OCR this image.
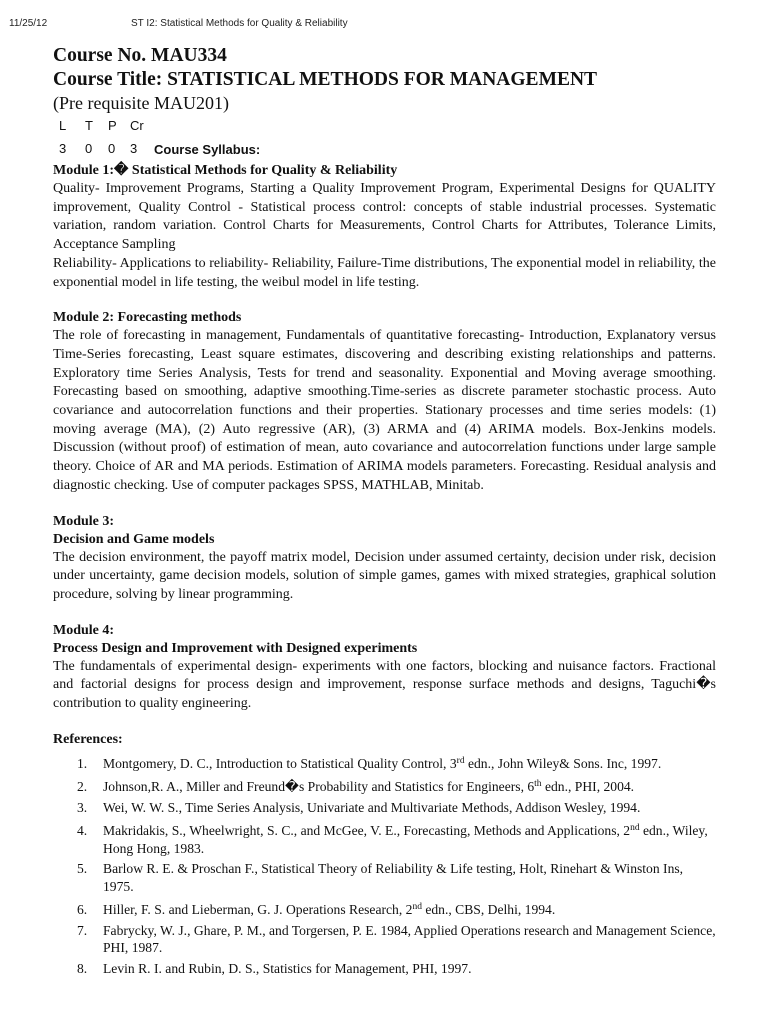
11/25/12	ST I2: Statistical Methods for Quality & Reliability
Course No. MAU334
Course Title: STATISTICAL METHODS FOR MANAGEMENT
(Pre requisite MAU201)
L T P Cr
3 0 0 3 Course Syllabus:
Module 1:� Statistical Methods for Quality & Reliability

Quality- Improvement Programs, Starting a Quality Improvement Program, Experimental Designs for QUALITY improvement, Quality Control - Statistical process control: concepts of stable industrial processes. Systematic variation, random variation. Control Charts for Measurements, Control Charts for Attributes, Tolerance Limits, Acceptance Sampling

Reliability- Applications to reliability- Reliability, Failure-Time distributions, The exponential model in reliability, the exponential model in life testing, the weibul model in life testing.

Module 2: Forecasting methods

The role of forecasting in management, Fundamentals of quantitative forecasting- Introduction, Explanatory versus Time-Series forecasting, Least square estimates, discovering and describing existing relationships and patterns. Exploratory time Series Analysis, Tests for trend and seasonality. Exponential and Moving average smoothing. Forecasting based on smoothing, adaptive smoothing.Time-series as discrete parameter stochastic process. Auto covariance and autocorrelation functions and their properties. Stationary processes and time series models: (1) moving average (MA), (2) Auto regressive (AR), (3) ARMA and (4) ARIMA models. Box-Jenkins models. Discussion (without proof) of estimation of mean, auto covariance and autocorrelation functions under large sample theory. Choice of AR and MA periods. Estimation of ARIMA models parameters. Forecasting. Residual analysis and diagnostic checking. Use of computer packages SPSS, MATHLAB, Minitab.

Module 3:
Decision and Game models

The decision environment, the payoff matrix model, Decision under assumed certainty, decision under risk, decision under uncertainty, game decision models, solution of simple games, games with mixed strategies, graphical solution procedure, solving by linear programming.

Module 4:
Process Design and Improvement with Designed experiments

The fundamentals of experimental design- experiments with one factors, blocking and nuisance factors. Fractional and factorial designs for process design and improvement, response surface methods and designs, Taguchi�s contribution to quality engineering.

References:
1. Montgomery, D. C., Introduction to Statistical Quality Control, 3rd edn., John Wiley& Sons. Inc, 1997.
2. Johnson,R. A., Miller and Freund�s Probability and Statistics for Engineers, 6th edn., PHI, 2004.
3. Wei, W. W. S., Time Series Analysis, Univariate and Multivariate Methods, Addison Wesley, 1994.
4. Makridakis, S., Wheelwright, S. C., and McGee, V. E., Forecasting, Methods and Applications, 2nd edn., Wiley, Hong Hong, 1983.
5. Barlow R. E. & Proschan F., Statistical Theory of Reliability & Life testing, Holt, Rinehart & Winston Ins, 1975.
6. Hiller, F. S. and Lieberman, G. J. Operations Research, 2nd edn., CBS, Delhi, 1994.
7. Fabrycky, W. J., Ghare, P. M., and Torgersen, P. E. 1984, Applied Operations research and Management Science, PHI, 1987.
8. Levin R. I. and Rubin, D. S., Statistics for Management, PHI, 1997.
